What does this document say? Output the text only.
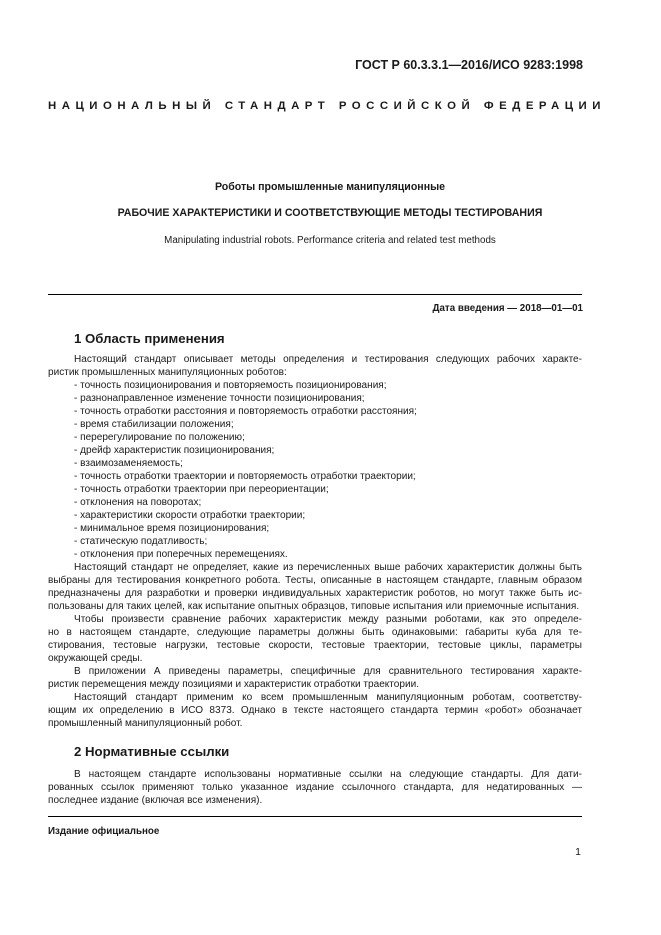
ГОСТ Р 60.3.3.1—2016/ИСО 9283:1998
НАЦИОНАЛЬНЫЙ СТАНДАРТ РОССИЙСКОЙ ФЕДЕРАЦИИ
Роботы промышленные манипуляционные
РАБОЧИЕ ХАРАКТЕРИСТИКИ И СООТВЕТСТВУЮЩИЕ МЕТОДЫ ТЕСТИРОВАНИЯ
Manipulating industrial robots. Performance criteria and related test methods
Дата введения — 2018—01—01
1 Область применения

Настоящий стандарт описывает методы определения и тестирования следующих рабочих характе-

ристик промышленных манипуляционных роботов:

- точность позиционирования и повторяемость позиционирования;
- разнонаправленное изменение точности позиционирования;
- точность отработки расстояния и повторяемость отработки расстояния;
- время стабилизации положения;
- перерегулирование по положению;
- дрейф характеристик позиционирования;
- взаимозаменяемость;
- точность отработки траектории и повторяемость отработки траектории;
- точность отработки траектории при переориентации;
- отклонения на поворотах;
- характеристики скорости отработки траектории;
- минимальное время позиционирования;
- статическую податливость;
- отклонения при поперечных перемещениях.

Настоящий стандарт не определяет, какие из перечисленных выше рабочих характеристик должны быть

выбраны для тестирования конкретного робота. Тесты, описанные в настоящем стандарте, главным образом

предназначены для разработки и проверки индивидуальных характеристик роботов, но могут также быть ис-

пользованы для таких целей, как испытание опытных образцов, типовые испытания или приемочные испытания.

Чтобы произвести сравнение рабочих характеристик между разными роботами, как это определе-

но в настоящем стандарте, следующие параметры должны быть одинаковыми: габариты куба для те-

стирования, тестовые нагрузки, тестовые скорости, тестовые траектории, тестовые циклы, параметры

окружающей среды.

В приложении А приведены параметры, специфичные для сравнительного тестирования характе-

ристик перемещения между позициями и характеристик отработки траектории.

Настоящий стандарт применим ко всем промышленным манипуляционным роботам, соответству-

ющим их определению в ИСО 8373. Однако в тексте настоящего стандарта термин «робот» обозначает

промышленный манипуляционный робот.

2 Нормативные ссылки

В настоящем стандарте использованы нормативные ссылки на следующие стандарты. Для дати-

рованных ссылок применяют только указанное издание ссылочного стандарта, для недатированных —

последнее издание (включая все изменения).

Издание официальное
1
